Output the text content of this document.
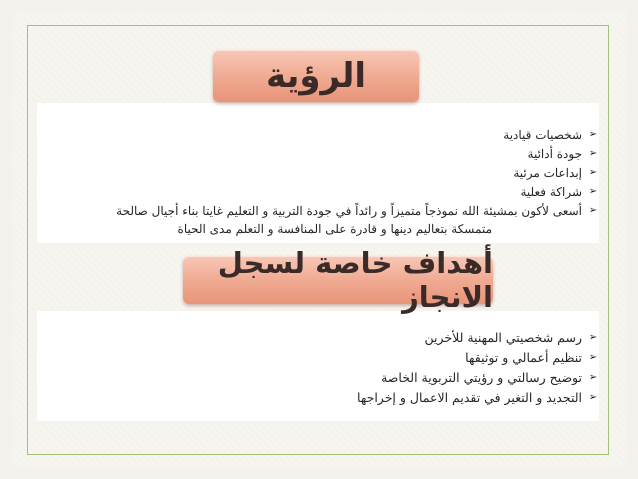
الرؤية
➢
شخصيات قيادية
➢
جودة أدائية
➢
إبداعات مرئية
➢
شراكة فعلية
➢
أسعى لأكون بمشيئة الله نموذجاً متميزاً و رائداً في جودة التربية و التعليم غايتا بناء أجيال صالحة
متمسكة بتعاليم دينها و قادرة على المنافسة و التعلم مدى الحياة
أهداف خاصة لسجل الانجاز
➢
رسم شخصيتي المهنية للأخرين
➢
تنظيم أعمالي و توثيقها
➢
توضيح رسالتي و رؤيتي التربوية الخاصة
➢
التجديد و التغير في تقديم الاعمال و إخراجها
